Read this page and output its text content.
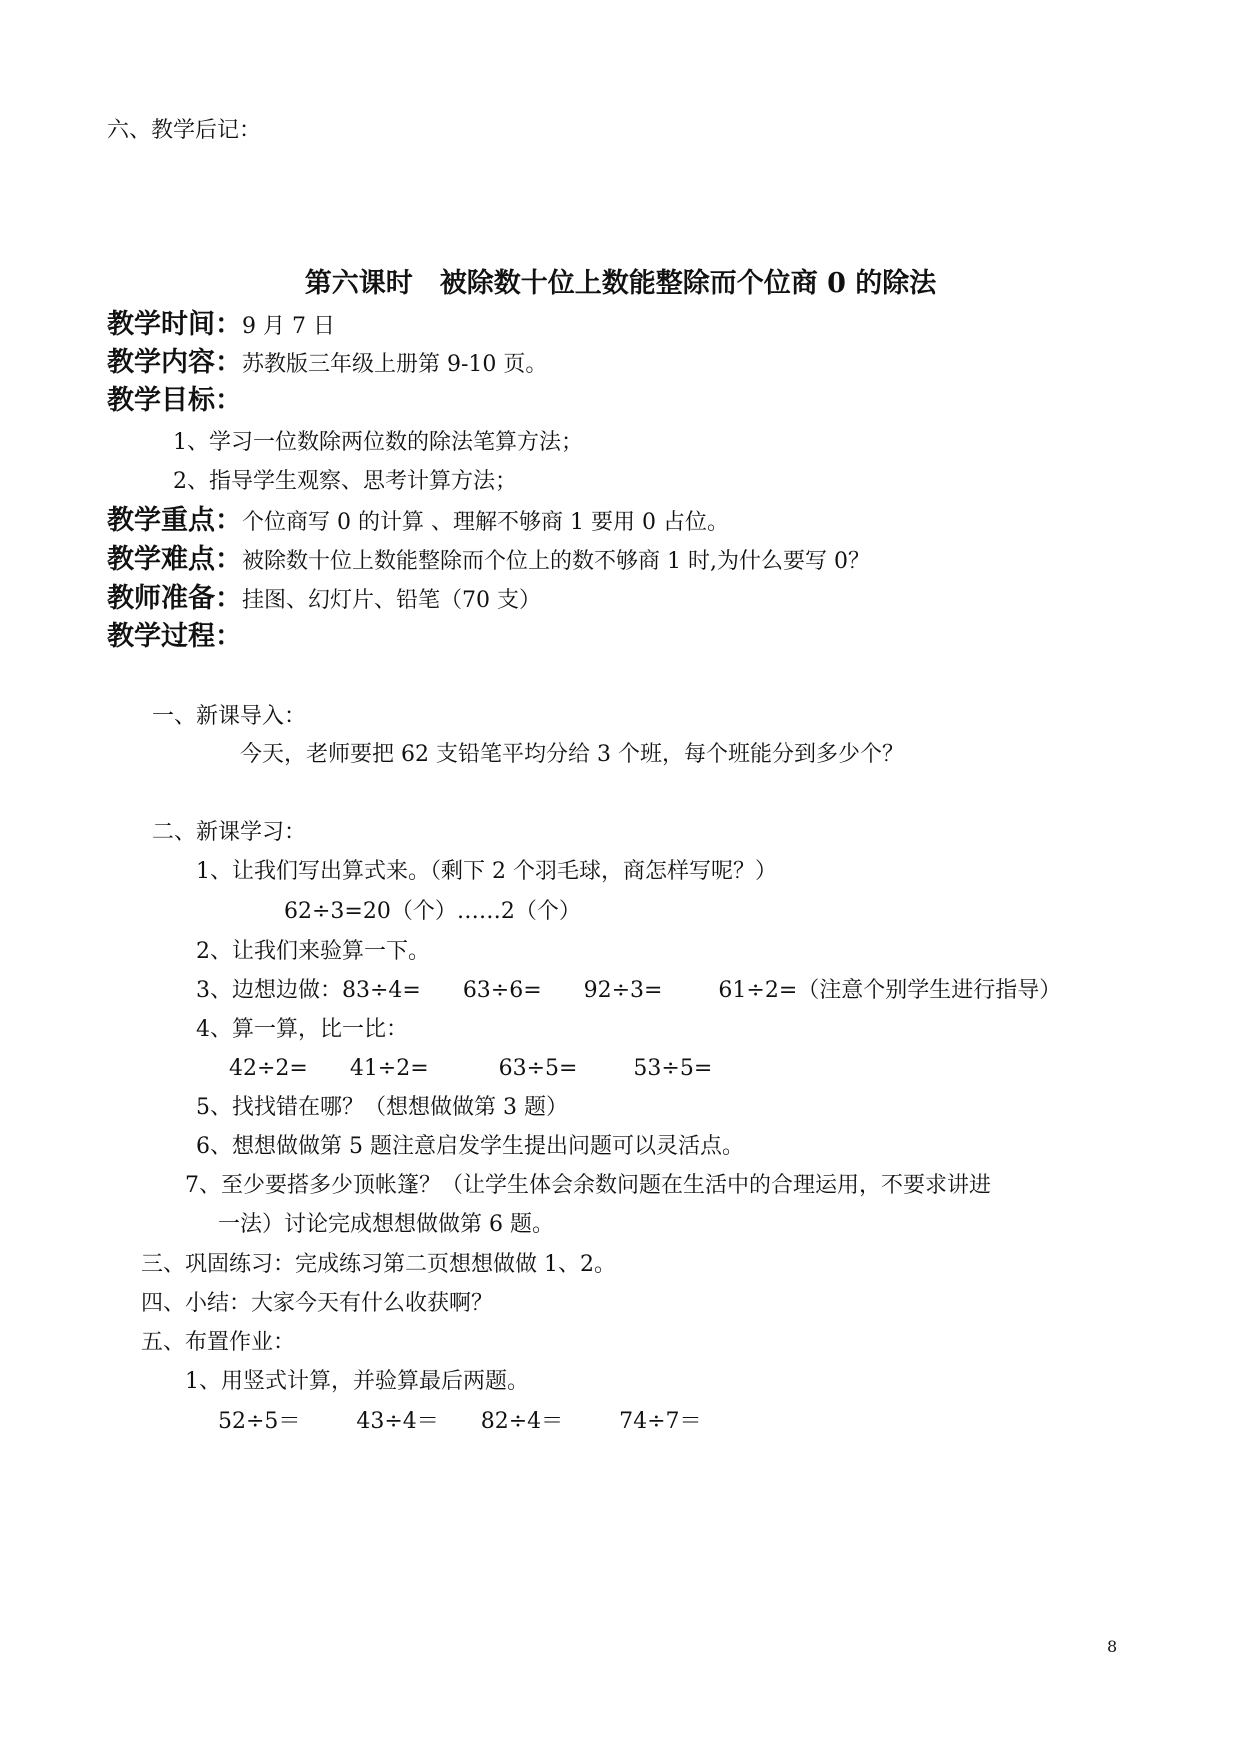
六、教学后记：
第六课时　被除数十位上数能整除而个位商 0 的除法
教学时间：9 月 7 日
教学内容：苏教版三年级上册第 9-10 页。
教学目标：
1、学习一位数除两位数的除法笔算方法；
2、指导学生观察、思考计算方法；
教学重点：个位商写 0 的计算 、理解不够商 1 要用 0 占位。
教学难点：被除数十位上数能整除而个位上的数不够商 1 时,为什么要写 0？
教师准备：挂图、幻灯片、铅笔（70 支）
教学过程：
一、新课导入：
今天，老师要把 62 支铅笔平均分给 3 个班，每个班能分到多少个？
二、新课学习：
1、让我们写出算式来。（剩下 2 个羽毛球，商怎样写呢？）
62÷3=20（个）……2（个）
2、让我们来验算一下。
3、边想边做：83÷4=      63÷6=      92÷3=        61÷2=（注意个别学生进行指导）
4、算一算，比一比：
42÷2=      41÷2=          63÷5=        53÷5=
5、找找错在哪？（想想做做第 3 题）
6、想想做做第 5 题注意启发学生提出问题可以灵活点。
7、至少要搭多少顶帐篷？（让学生体会余数问题在生活中的合理运用，不要求讲进
一法）讨论完成想想做做第 6 题。
三、巩固练习：完成练习第二页想想做做 1、2。
四、小结：大家今天有什么收获啊？
五、布置作业：
1、用竖式计算，并验算最后两题。
52÷5＝        43÷4＝      82÷4＝        74÷7＝
8
